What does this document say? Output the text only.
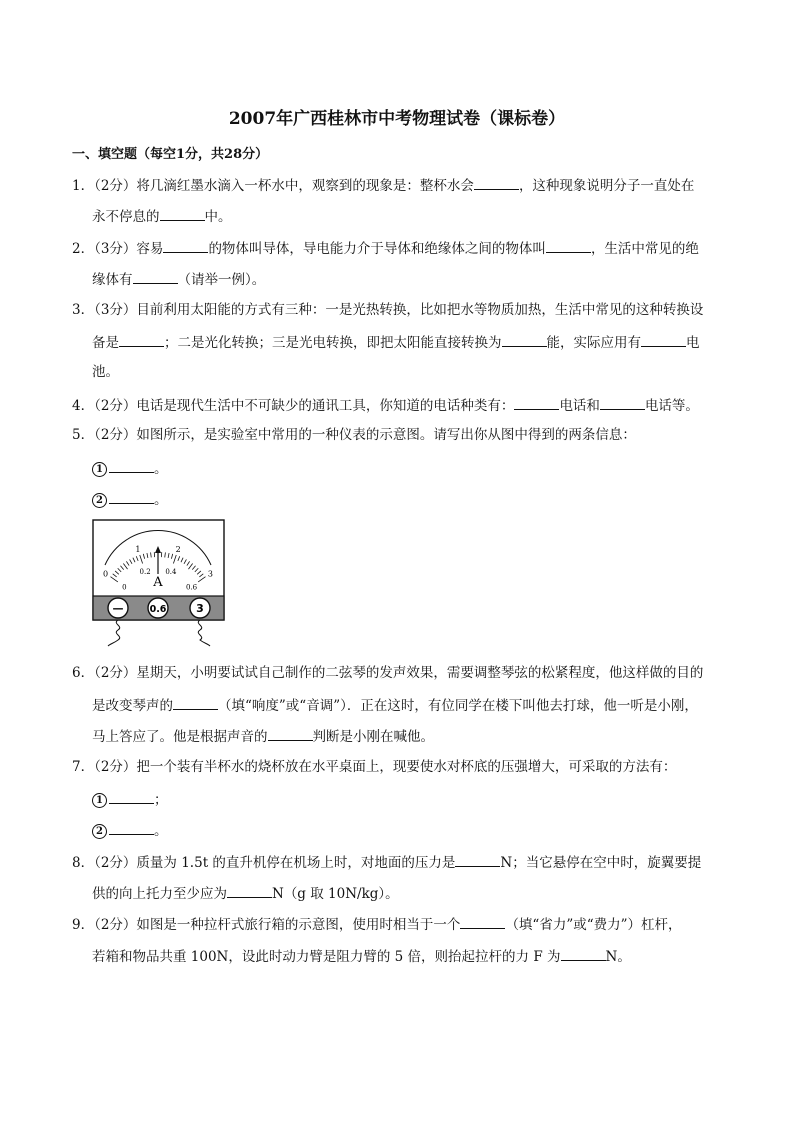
2007年广西桂林市中考物理试卷（课标卷）
一、填空题（每空1分，共28分）
1．（2分）将几滴红墨水滴入一杯水中，观察到的现象是：整杯水会	，这种现象说明分子一直处在
永不停息的	中。
2．（3分）容易	的物体叫导体，导电能力介于导体和绝缘体之间的物体叫	，生活中常见的绝
缘体有	（请举一例）。
3．（3分）目前利用太阳能的方式有三种：一是光热转换，比如把水等物质加热，生活中常见的这种转换设
备是	；二是光化转换；三是光电转换，即把太阳能直接转换为	能，实际应用有	电
池。
4．（2分）电话是现代生活中不可缺少的通讯工具，你知道的电话种类有：	电话和	电话等。
5．（2分）如图所示，是实验室中常用的一种仪表的示意图。请写出你从图中得到的两条信息：
1	。
2	。
0
1	2
3
0
0.2 0.4
0.6
A
—	0.6	3
6．（2分）星期天，小明要试试自己制作的二弦琴的发声效果，需要调整琴弦的松紧程度，他这样做的目的
是改变琴声的	（填“响度”或“音调”）．正在这时，有位同学在楼下叫他去打球，他一听是小刚，
马上答应了。他是根据声音的	判断是小刚在喊他。
7．（2分）把一个装有半杯水的烧杯放在水平桌面上，现要使水对杯底的压强增大，可采取的方法有：
1	；
2	。
8．（2分）质量为 1.5t 的直升机停在机场上时，对地面的压力是	N；当它悬停在空中时，旋翼要提
供的向上托力至少应为	N（g 取 10N/kg）。
9．（2分）如图是一种拉杆式旅行箱的示意图，使用时相当于一个	（填“省力”或“费力”）杠杆，
若箱和物品共重 100N，设此时动力臂是阻力臂的 5 倍，则抬起拉杆的力 F 为	N。
